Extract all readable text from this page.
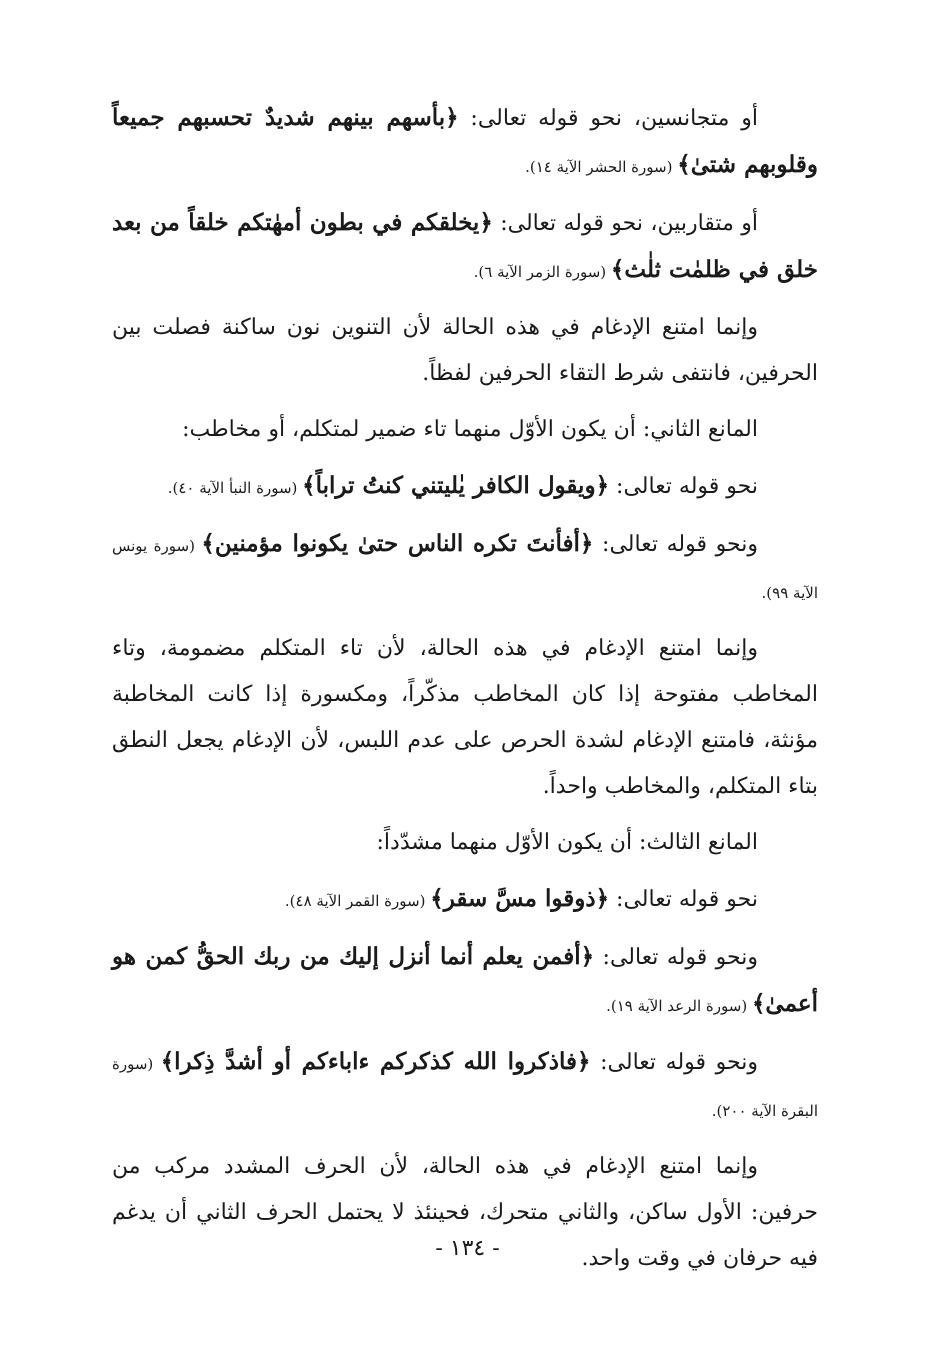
أو متجانسين، نحو قوله تعالى: ﴿بأسهم بينهم شديدٌ تحسبهم جميعاً وقلوبهم شتىٰ﴾ (سورة الحشر الآية ١٤).

أو متقاربين، نحو قوله تعالى: ﴿يخلقكم في بطون أمهٰتكم خلقاً من بعد خلق في ظلمٰت ثلٰث﴾ (سورة الزمر الآية ٦).

وإنما امتنع الإدغام في هذه الحالة لأن التنوين نون ساكنة فصلت بين الحرفين، فانتفى شرط التقاء الحرفين لفظاً.

المانع الثاني: أن يكون الأوّل منهما تاء ضمير لمتكلم، أو مخاطب:

نحو قوله تعالى: ﴿ويقول الكافر يٰليتني كنتُ تراباً﴾ (سورة النبأ الآية ٤٠).

ونحو قوله تعالى: ﴿أفأنتَ تكره الناس حتىٰ يكونوا مؤمنين﴾ (سورة يونس الآية ٩٩).

وإنما امتنع الإدغام في هذه الحالة، لأن تاء المتكلم مضمومة، وتاء المخاطب مفتوحة إذا كان المخاطب مذكّراً، ومكسورة إذا كانت المخاطبة مؤنثة، فامتنع الإدغام لشدة الحرص على عدم اللبس، لأن الإدغام يجعل النطق بتاء المتكلم، والمخاطب واحداً.

المانع الثالث: أن يكون الأوّل منهما مشدّداً:

نحو قوله تعالى: ﴿ذوقوا مسَّ سقر﴾ (سورة القمر الآية ٤٨).

ونحو قوله تعالى: ﴿أفمن يعلم أنما أنزل إليك من ربك الحقُّ كمن هو أعمىٰ﴾ (سورة الرعد الآية ١٩).

ونحو قوله تعالى: ﴿فاذكروا الله كذكركم ءاباءكم أو أشدَّ ذِكرا﴾ (سورة البقرة الآية ٢٠٠).

وإنما امتنع الإدغام في هذه الحالة، لأن الحرف المشدد مركب من حرفين: الأول ساكن، والثاني متحرك، فحينئذ لا يحتمل الحرف الثاني أن يدغم فيه حرفان في وقت واحد.

- ١٣٤ -
